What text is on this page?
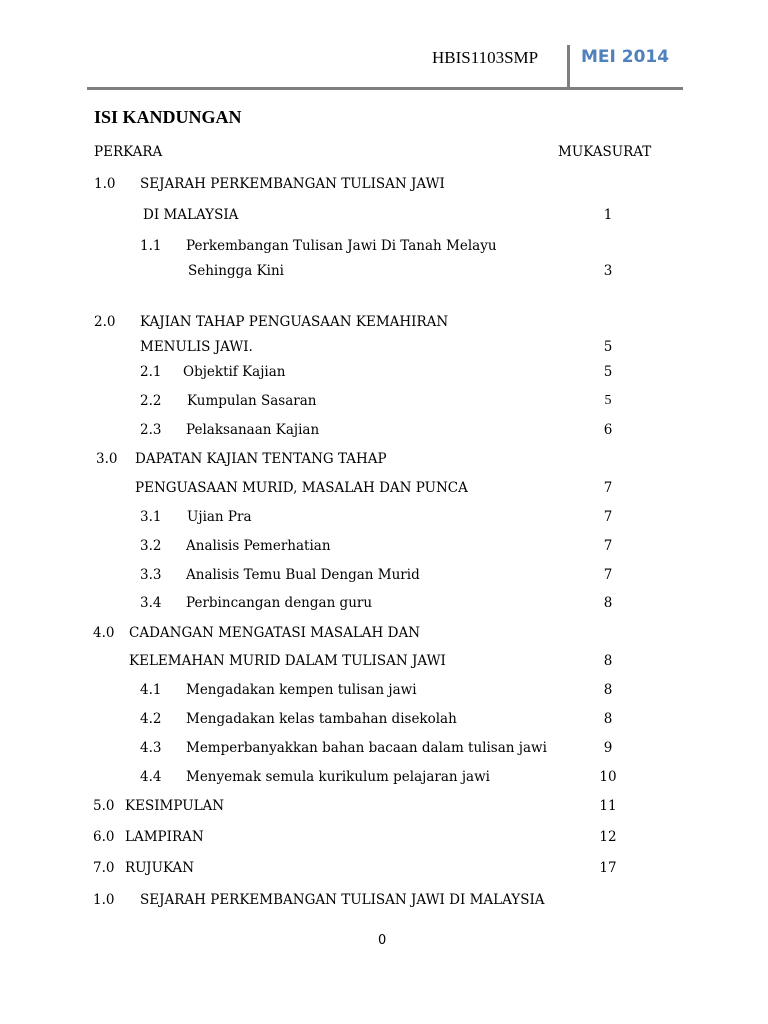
HBIS1103SMP	MEI 2014
ISI KANDUNGAN
PERKARA	MUKASURAT
1.0 SEJARAH PERKEMBANGAN TULISAN JAWI
DI MALAYSIA	1
1.1 Perkembangan Tulisan Jawi Di Tanah Melayu
Sehingga Kini	3
2.0 KAJIAN TAHAP PENGUASAAN KEMAHIRAN
MENULIS JAWI.	5
2.1 Objektif Kajian	5
2.2 Kumpulan Sasaran	5
2.3 Pelaksanaan Kajian	6
3.0 DAPATAN KAJIAN TENTANG TAHAP
PENGUASAAN MURID, MASALAH DAN PUNCA	7
3.1 Ujian Pra	7
3.2 Analisis Pemerhatian	7
3.3 Analisis Temu Bual Dengan Murid	7
3.4 Perbincangan dengan guru	8
4.0 CADANGAN MENGATASI MASALAH DAN
KELEMAHAN MURID DALAM TULISAN JAWI	8
4.1 Mengadakan kempen tulisan jawi	8
4.2 Mengadakan kelas tambahan disekolah	8
4.3 Memperbanyakkan bahan bacaan dalam tulisan jawi	9
4.4 Menyemak semula kurikulum pelajaran jawi	10
5.0 KESIMPULAN	11
6.0 LAMPIRAN	12
7.0 RUJUKAN	17
1.0 SEJARAH PERKEMBANGAN TULISAN JAWI DI MALAYSIA
0
